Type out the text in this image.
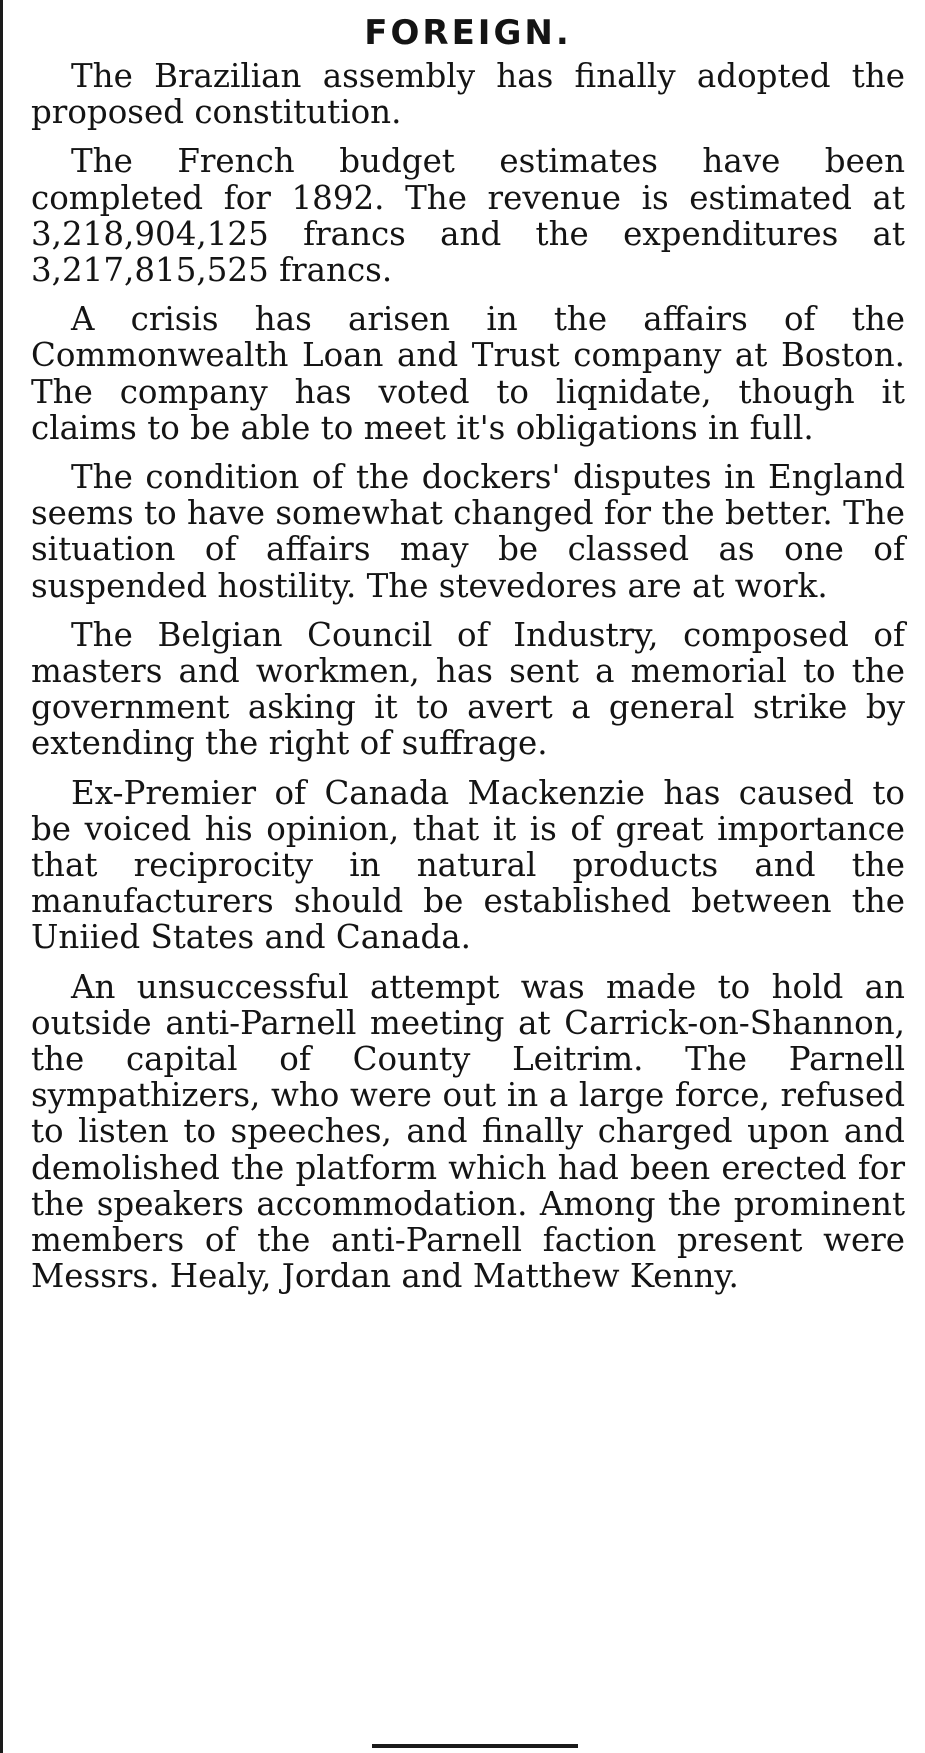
FOREIGN.

The Brazilian assembly has finally adopted the proposed constitution.

The French budget estimates have been completed for 1892. The revenue is estimated at 3,218,904,125 francs and the expenditures at 3,217,815,525 francs.

A crisis has arisen in the affairs of the Commonwealth Loan and Trust company at Boston. The company has voted to liqnidate, though it claims to be able to meet it's obligations in full.

The condition of the dockers' disputes in England seems to have somewhat changed for the better. The situation of affairs may be classed as one of suspended hostility. The stevedores are at work.

The Belgian Council of Industry, composed of masters and workmen, has sent a memorial to the government asking it to avert a general strike by extending the right of suffrage.

Ex-Premier of Canada Mackenzie has caused to be voiced his opinion, that it is of great importance that reciprocity in natural products and the manufacturers should be established between the Uniied States and Canada.

An unsuccessful attempt was made to hold an outside anti-Parnell meeting at Carrick-on-Shannon, the capital of County Leitrim. The Parnell sympathizers, who were out in a large force, refused to listen to speeches, and finally charged upon and demolished the platform which had been erected for the speakers accommodation. Among the prominent members of the anti-Parnell faction present were Messrs. Healy, Jordan and Matthew Kenny.
